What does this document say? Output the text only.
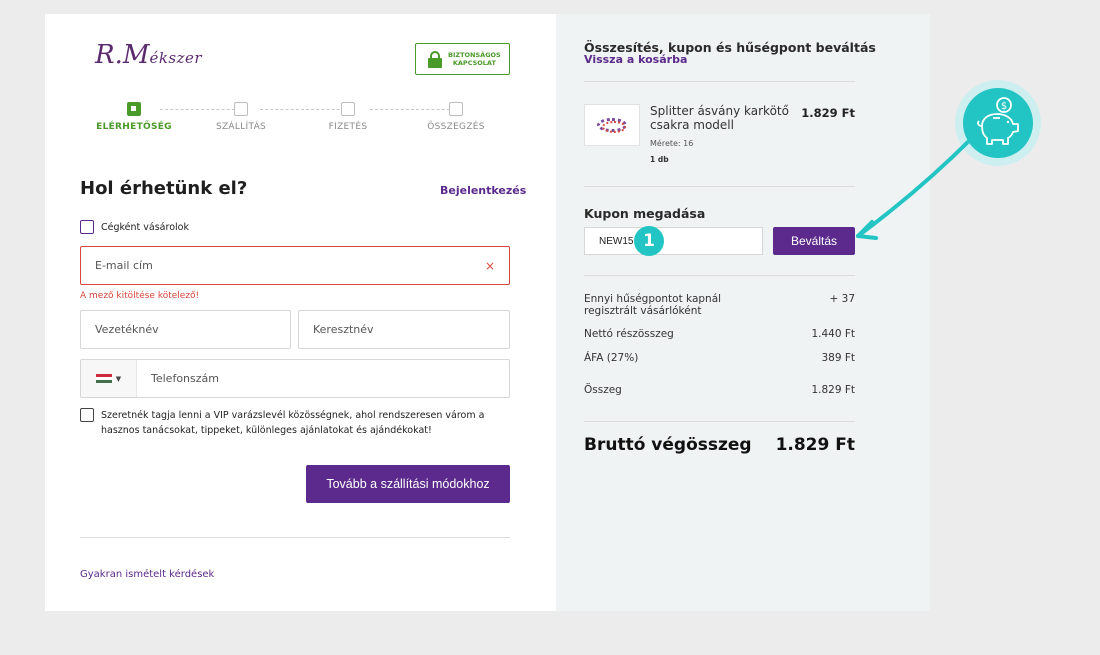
R.Mékszer	BIZTONSÁGOS
KAPCSOLAT
ELÉRHETŐSÉG	SZÁLLÍTÁS	FIZETÉS	ÖSSZEGZÉS
Hol érhetünk el?	Bejelentkezés
Cégként vásárolok
E-mail cím	×
A mező kitöltése kötelező!
Vezetéknév	Keresztnév
▼	Telefonszám
Szeretnék tagja lenni a VIP varázslevél közösségnek, ahol rendszeresen várom a hasznos tanácsokat, tippeket, különleges ajánlatokat és ajándékokat!
Tovább a szállítási módokhoz
Gyakran ismételt kérdések
Összesítés, kupon és hűségpont beváltás
Vissza a kosárba
Splitter ásvány karkötő csakra modell
1.829 Ft
Mérete: 16
1 db
Kupon megadása
NEW15
1	Beváltás
Ennyi hűségpontot kapnál regisztrált vásárlóként
+ 37
Nettó részösszeg	1.440 Ft
ÁFA (27%)	389 Ft
Összeg	1.829 Ft
Bruttó végösszeg 1.829 Ft
$
